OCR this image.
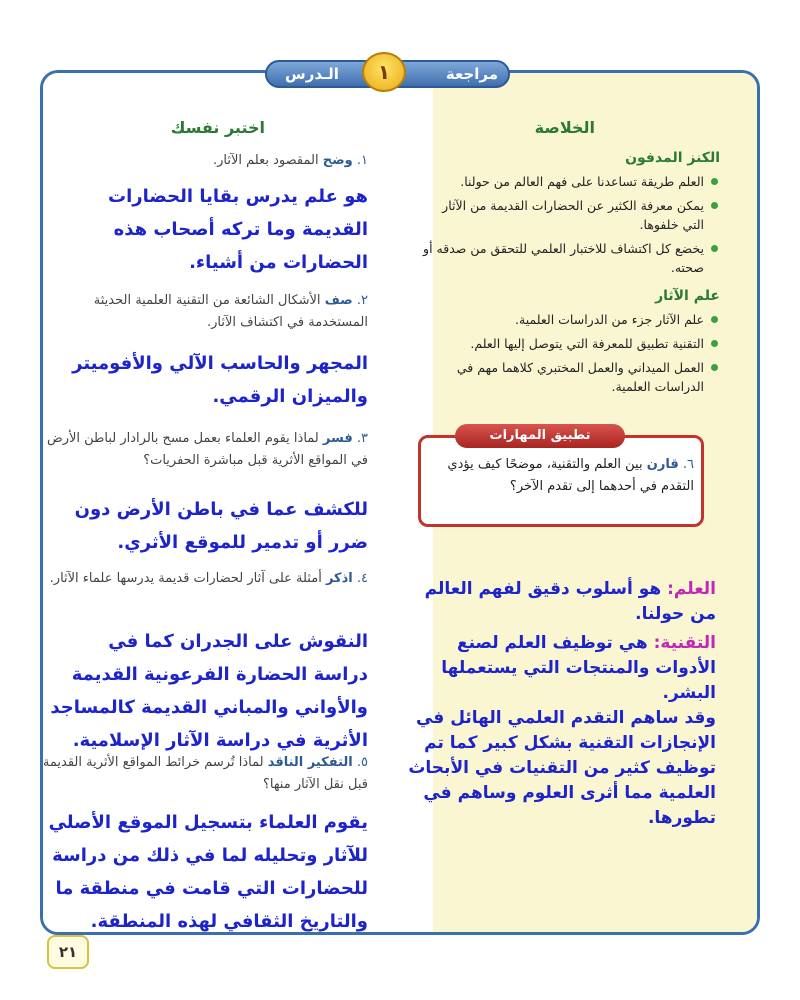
مراجعة
الـدرس	١
الخلاصة
الكنز المدفون
العلم طريقة تساعدنا على فهم العالم من حولنا.
يمكن معرفة الكثير عن الحضارات القديمة من الآثار التي خلفوها.
يخضع كل اكتشاف للاختبار العلمي للتحقق من صدقه أو صحته.
علم الآثار
علم الآثار جزء من الدراسات العلمية.
التقنية تطبيق للمعرفة التي يتوصل إليها العلم.
العمل الميداني والعمل المختبري كلاهما مهم في الدراسات العلمية.
تطبيق المهارات
٦. قارن بين العلم والتقنية، موضحًا كيف يؤدي التقدم في أحدهما إلى تقدم الآخر؟
العلم: هو أسلوب دقيق لفهم العالم من حولنا.
التقنية: هي توظيف العلم لصنع الأدوات والمنتجات التي يستعملها البشر.
وقد ساهم التقدم العلمي الهائل في الإنجازات التقنية بشكل كبير كما تم توظيف كثير من التقنيات في الأبحاث العلمية مما أثرى العلوم وساهم في تطورها.
اختبر نفسك
١. وضح المقصود بعلم الآثار.
هو علم يدرس بقايا الحضارات القديمة وما تركه أصحاب هذه الحضارات من أشياء.
٢. صف الأشكال الشائعة من التقنية العلمية الحديثة المستخدمة في اكتشاف الآثار.
المجهر والحاسب الآلي والأفوميتر والميزان الرقمي.
٣. فسر لماذا يقوم العلماء بعمل مسح بالرادار لباطن الأرض في المواقع الأثرية قبل مباشرة الحفريات؟
للكشف عما في باطن الأرض دون ضرر أو تدمير للموقع الأثري.
٤. اذكر أمثلة على آثار لحضارات قديمة يدرسها علماء الآثار.
النقوش على الجدران كما في دراسة الحضارة الفرعونية القديمة والأواني والمباني القديمة كالمساجد الأثرية في دراسة الآثار الإسلامية.
٥. التفكير الناقد لماذا تُرسم خرائط المواقع الأثرية القديمة قبل نقل الآثار منها؟
يقوم العلماء بتسجيل الموقع الأصلي للآثار وتحليله لما في ذلك من دراسة للحضارات التي قامت في منطقة ما والتاريخ الثقافي لهذه المنطقة.
٢١
